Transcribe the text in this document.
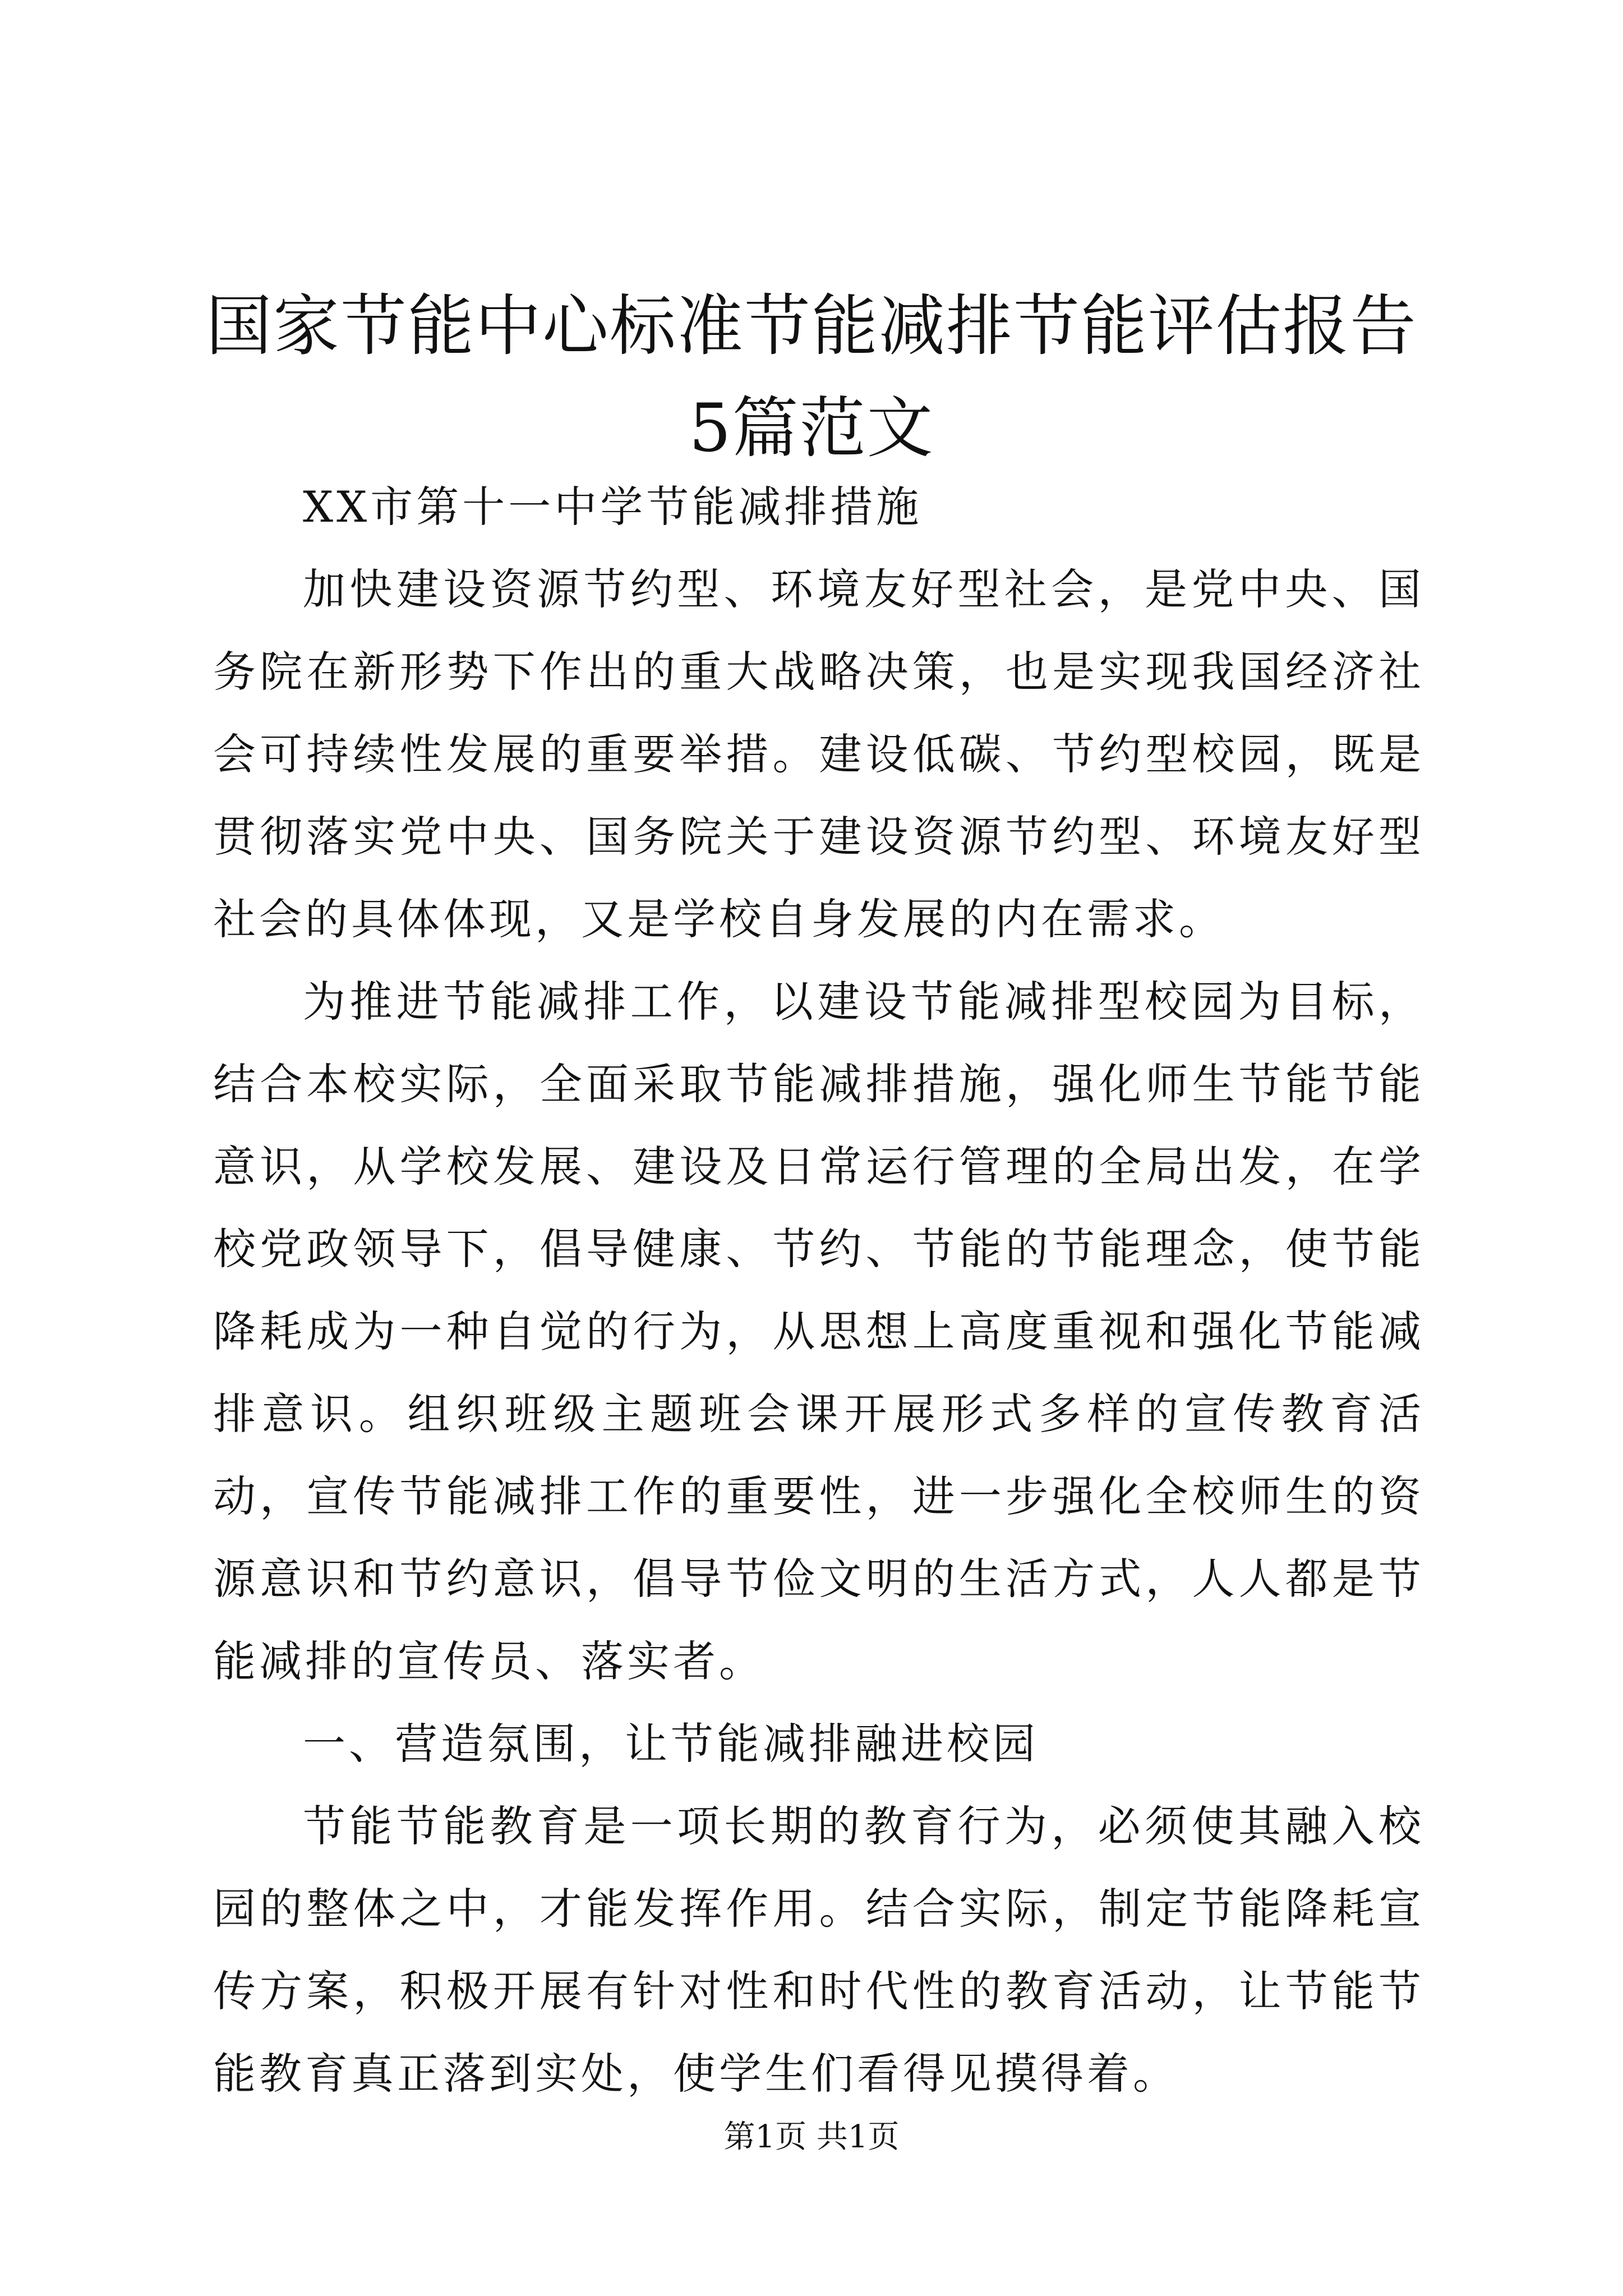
国家节能中心标准节能减排节能评估报告5篇范文

XX市第十一中学节能减排措施

加快建设资源节约型、环境友好型社会，是党中央、国务院在新形势下作出的重大战略决策，也是实现我国经济社会可持续性发展的重要举措。建设低碳、节约型校园，既是贯彻落实党中央、国务院关于建设资源节约型、环境友好型社会的具体体现，又是学校自身发展的内在需求。

为推进节能减排工作，以建设节能减排型校园为目标，结合本校实际，全面采取节能减排措施，强化师生节能节能意识，从学校发展、建设及日常运行管理的全局出发，在学校党政领导下，倡导健康、节约、节能的节能理念，使节能降耗成为一种自觉的行为，从思想上高度重视和强化节能减排意识。组织班级主题班会课开展形式多样的宣传教育活动，宣传节能减排工作的重要性，进一步强化全校师生的资源意识和节约意识，倡导节俭文明的生活方式，人人都是节能减排的宣传员、落实者。

一、营造氛围，让节能减排融进校园

节能节能教育是一项长期的教育行为，必须使其融入校园的整体之中，才能发挥作用。结合实际，制定节能降耗宣传方案，积极开展有针对性和时代性的教育活动，让节能节能教育真正落到实处，使学生们看得见摸得着。

第1页 共1页
